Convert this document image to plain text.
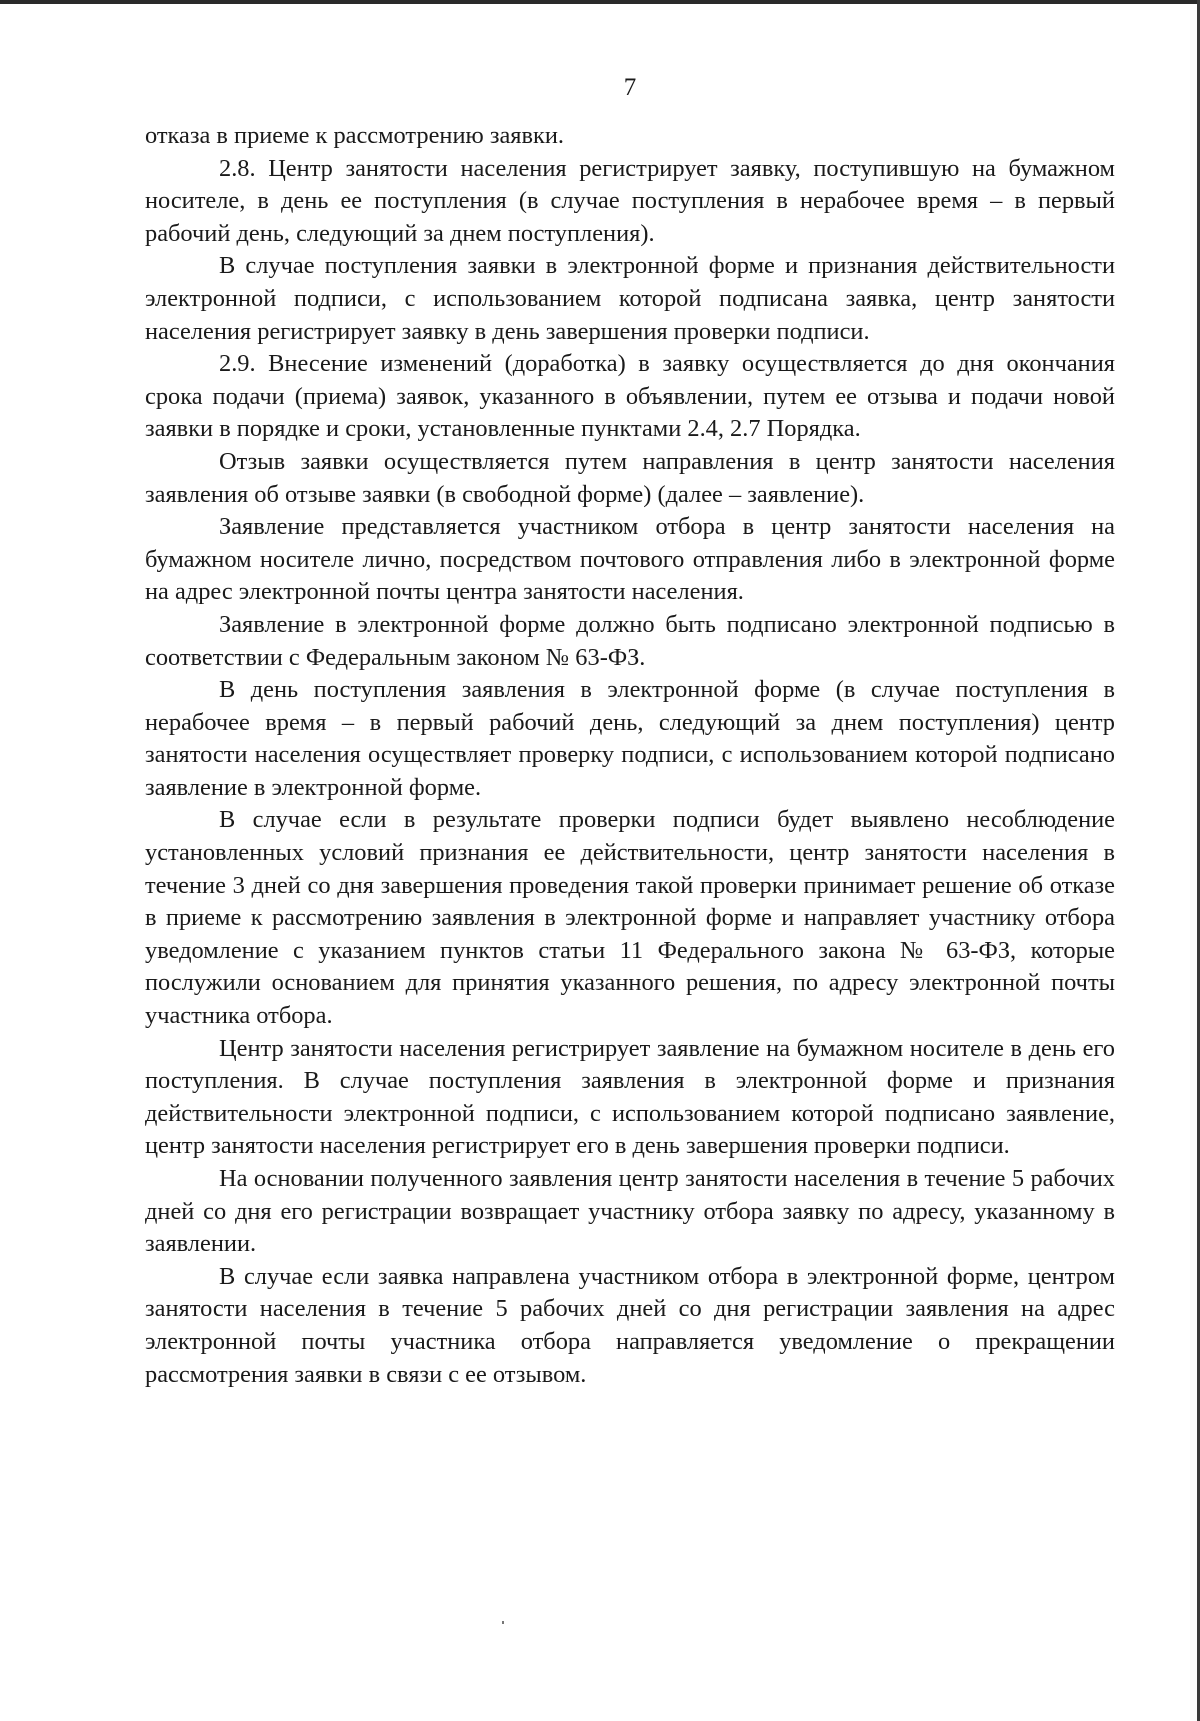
7

отказа в приеме к рассмотрению заявки.

2.8. Центр занятости населения регистрирует заявку, поступившую на бумажном носителе, в день ее поступления (в случае поступления в нерабочее время – в первый рабочий день, следующий за днем поступления).

В случае поступления заявки в электронной форме и признания действительности электронной подписи, с использованием которой подписана заявка, центр занятости населения регистрирует заявку в день завершения проверки подписи.

2.9. Внесение изменений (доработка) в заявку осуществляется до дня окончания срока подачи (приема) заявок, указанного в объявлении, путем ее отзыва и подачи новой заявки в порядке и сроки, установленные пунктами 2.4, 2.7 Порядка.

Отзыв заявки осуществляется путем направления в центр занятости населения заявления об отзыве заявки (в свободной форме) (далее – заявление).

Заявление представляется участником отбора в центр занятости населения на бумажном носителе лично, посредством почтового отправления либо в электронной форме на адрес электронной почты центра занятости населения.

Заявление в электронной форме должно быть подписано электронной подписью в соответствии с Федеральным законом № 63-ФЗ.

В день поступления заявления в электронной форме (в случае поступления в нерабочее время – в первый рабочий день, следующий за днем поступления) центр занятости населения осуществляет проверку подписи, с использованием которой подписано заявление в электронной форме.

В случае если в результате проверки подписи будет выявлено несоблюдение установленных условий признания ее действительности, центр занятости населения в течение 3 дней со дня завершения проведения такой проверки принимает решение об отказе в приеме к рассмотрению заявления в электронной форме и направляет участнику отбора уведомление с указанием пунктов статьи 11 Федерального закона № 63-ФЗ, которые послужили основанием для принятия указанного решения, по адресу электронной почты участника отбора.

Центр занятости населения регистрирует заявление на бумажном носителе в день его поступления. В случае поступления заявления в электронной форме и признания действительности электронной подписи, с использованием которой подписано заявление, центр занятости населения регистрирует его в день завершения проверки подписи.

На основании полученного заявления центр занятости населения в течение 5 рабочих дней со дня его регистрации возвращает участнику отбора заявку по адресу, указанному в заявлении.

В случае если заявка направлена участником отбора в электронной форме, центром занятости населения в течение 5 рабочих дней со дня регистрации заявления на адрес электронной почты участника отбора направляется уведомление о прекращении рассмотрения заявки в связи с ее отзывом.
